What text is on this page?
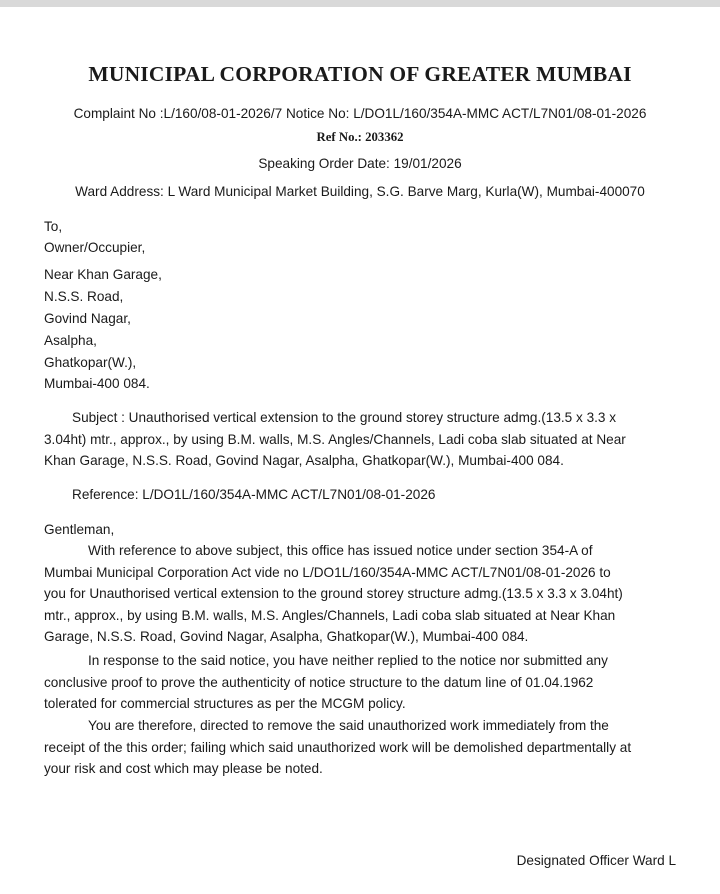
MUNICIPAL CORPORATION OF GREATER MUMBAI
Complaint No :L/160/08-01-2026/7 Notice No: L/DO1L/160/354A-MMC ACT/L7N01/08-01-2026
Ref No.: 203362
Speaking Order Date: 19/01/2026
Ward Address: L Ward Municipal Market Building, S.G. Barve Marg, Kurla(W), Mumbai-400070
To,
Owner/Occupier,
Near Khan Garage,
N.S.S. Road,
Govind Nagar,
Asalpha,
Ghatkopar(W.),
Mumbai-400 084.
Subject : Unauthorised vertical extension to the ground storey structure admg.(13.5 x 3.3 x
3.04ht) mtr., approx., by using B.M. walls, M.S. Angles/Channels, Ladi coba slab situated at Near
Khan Garage, N.S.S. Road, Govind Nagar, Asalpha, Ghatkopar(W.), Mumbai-400 084.
Reference: L/DO1L/160/354A-MMC ACT/L7N01/08-01-2026
Gentleman,
With reference to above subject, this office has issued notice under section 354-A of
Mumbai Municipal Corporation Act vide no L/DO1L/160/354A-MMC ACT/L7N01/08-01-2026 to
you for Unauthorised vertical extension to the ground storey structure admg.(13.5 x 3.3 x 3.04ht)
mtr., approx., by using B.M. walls, M.S. Angles/Channels, Ladi coba slab situated at Near Khan
Garage, N.S.S. Road, Govind Nagar, Asalpha, Ghatkopar(W.), Mumbai-400 084.
In response to the said notice, you have neither replied to the notice nor submitted any
conclusive proof to prove the authenticity of notice structure to the datum line of 01.04.1962
tolerated for commercial structures as per the MCGM policy.
You are therefore, directed to remove the said unauthorized work immediately from the
receipt of the this order; failing which said unauthorized work will be demolished departmentally at
your risk and cost which may please be noted.
Designated Officer Ward L
